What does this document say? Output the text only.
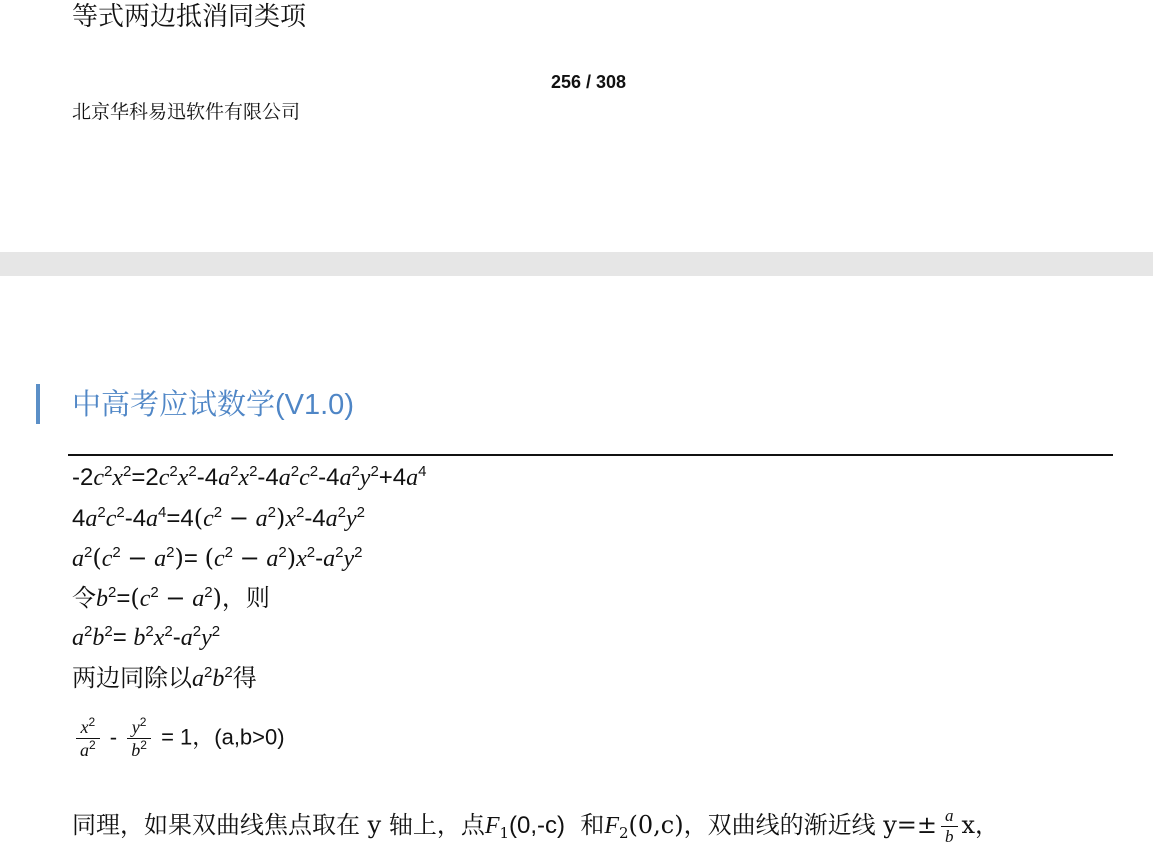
等式两边抵消同类项
256 / 308
北京华科易迅软件有限公司
中高考应试数学(V1.0)
$-2c^2x^2=2c^2x^2-4a^2x^2-4a^2c^2-4a^2y^2+4a^4$
$4a^2c^2-4a^4=4(c^2 - a^2)x^2-4a^2y^2$
$a^2(c^2 - a^2)= (c^2 - a^2)x^2-a^2y^2$
令$b^2=(c^2 - a^2)$，则
$a^2b^2= b^2x^2-a^2y^2$
两边同除以$a^2b^2$得
$\frac{x^2}{a^2} - \frac{y^2}{b^2} = 1$，(a,b>0)
同理，如果双曲线焦点取在 y 轴上，点$F_1(0,-c)$ 和$F_2(0,c)$，双曲线的渐近线 $y=\pm \frac{a}{b}$ x，
